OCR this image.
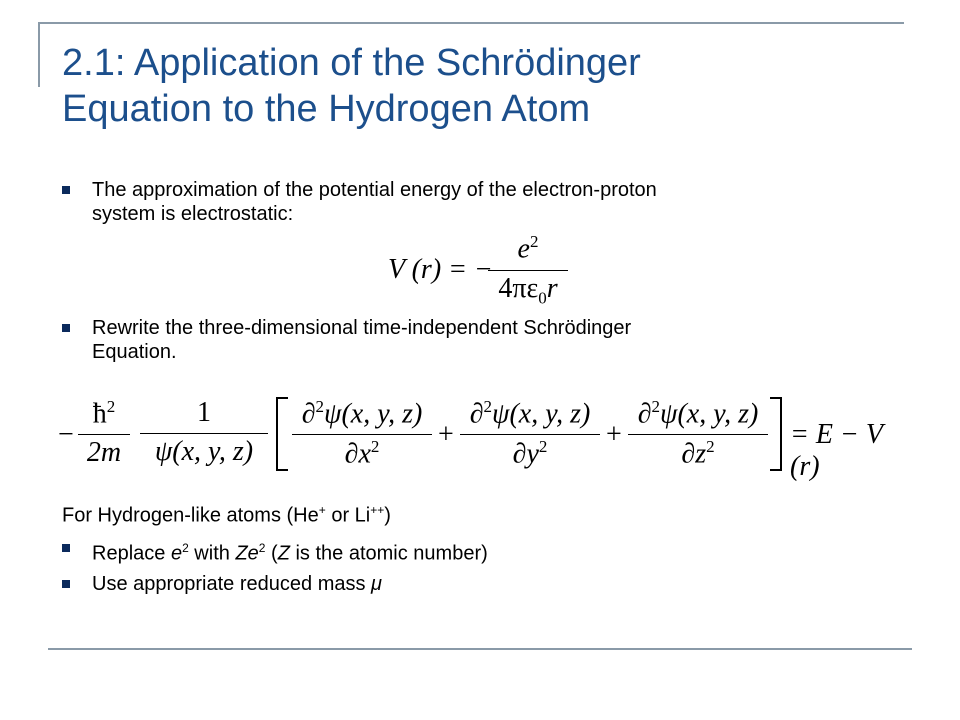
2.1: Application of the Schrödinger
Equation to the Hydrogen Atom
The approximation of the potential energy of the electron-proton
system is electrostatic:
V (r) = −
$e^2$
$4\pi\varepsilon_0r$
Rewrite the three-dimensional time-independent Schrödinger
Equation.
−
$ħ^2$
2m
1
ψ(x, y, z)
∂$^2$ψ(x, y, z)
$\partial x^2$	+
∂$^2$ψ(x, y, z)
$\partial y^2$	+
∂$^2$ψ(x, y, z)
$\partial z^2$	= E − V (r)
For Hydrogen-like atoms (He+ or Li++)
Replace $e^2$ with Ze$^2$ (Z is the atomic number)
Use appropriate reduced mass μ
